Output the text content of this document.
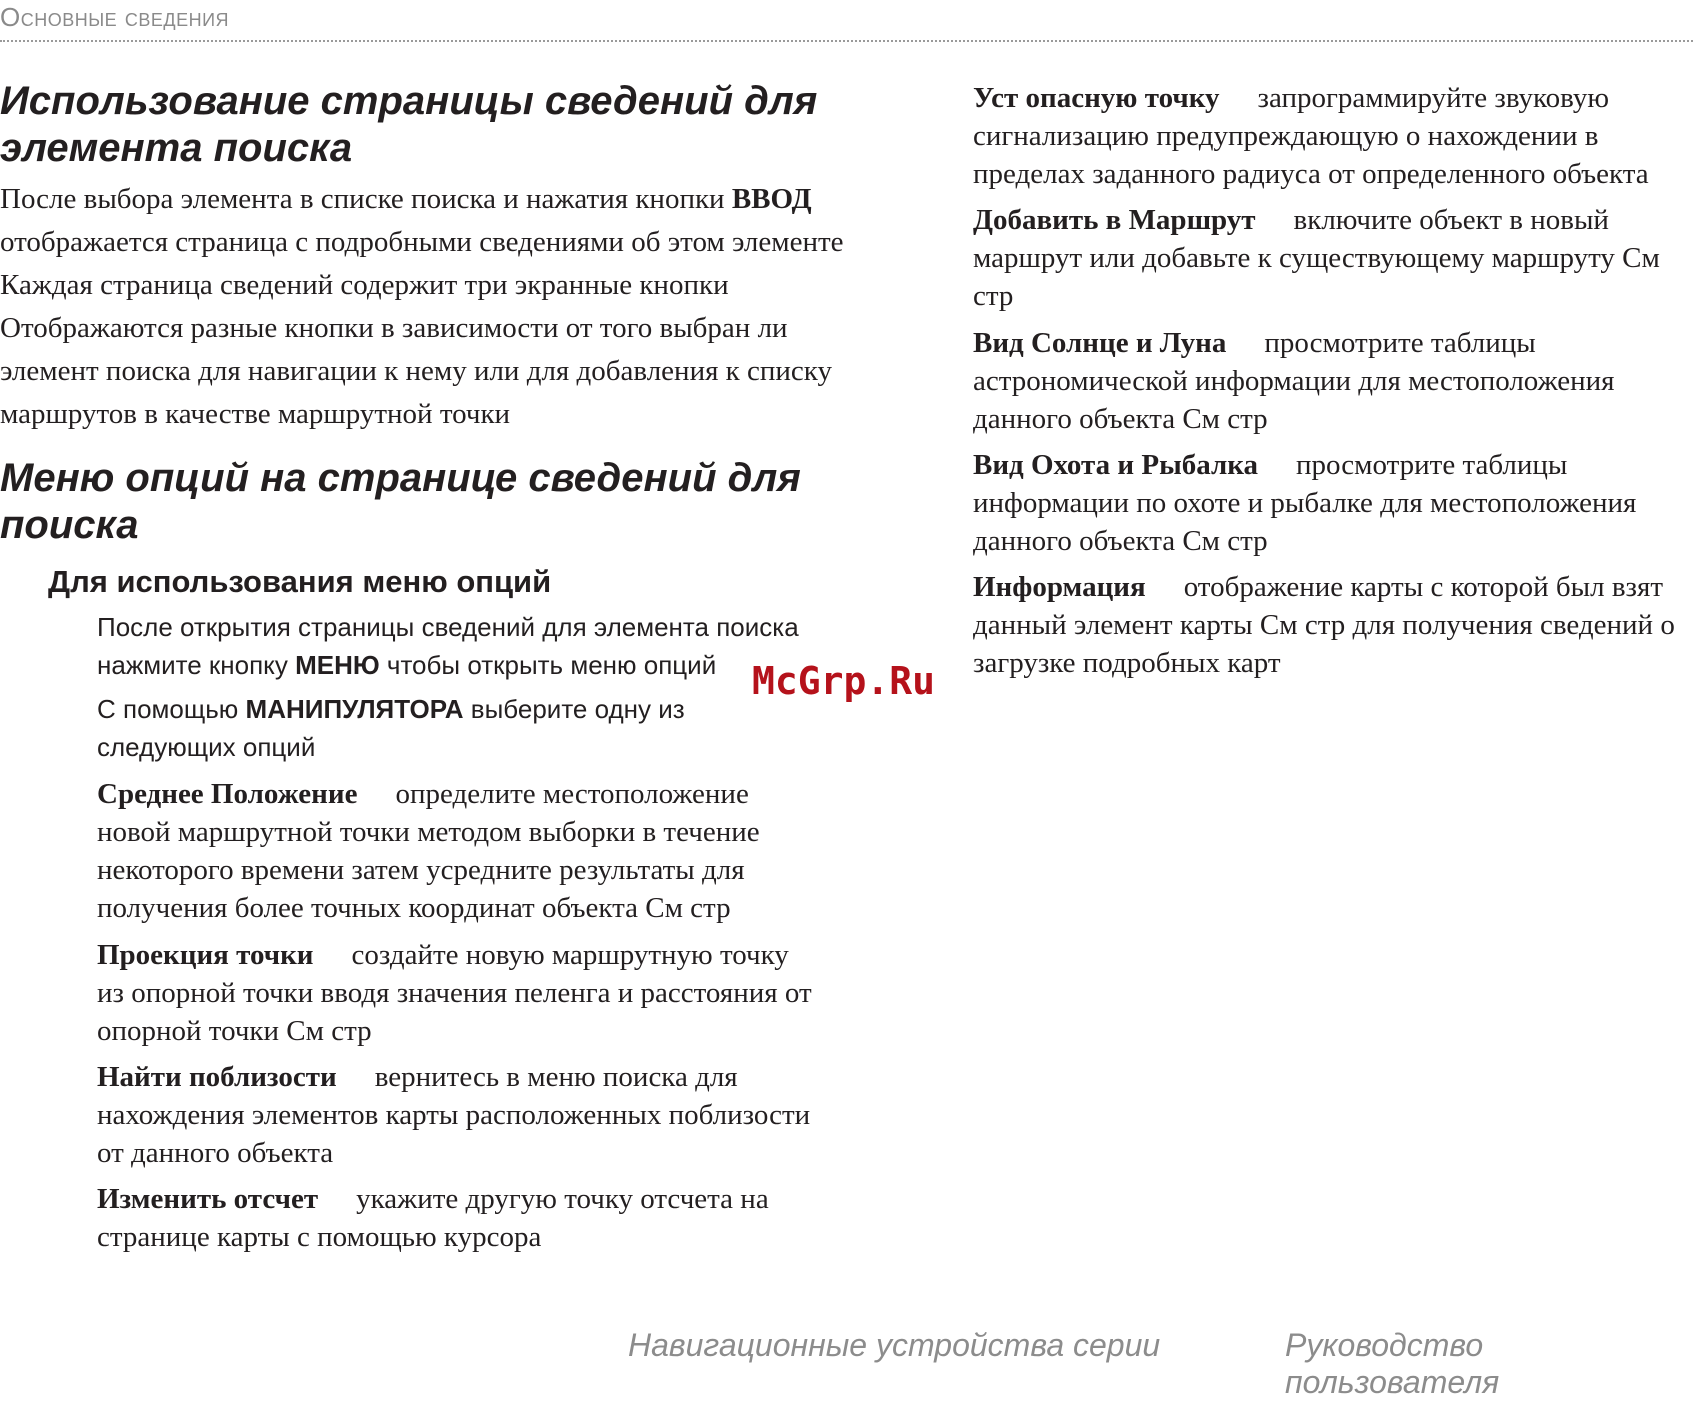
Основные сведения
Использование страницы сведений для элемента поиска

После выбора элемента в списке поиска и нажатия кнопки ВВОД отображается страница с подробными сведениями об этом элементе Каждая страница сведений содержит три экранные кнопки Отображаются разные кнопки в зависимости от того выбран ли элемент поиска для навигации к нему или для добавления к списку маршрутов в качестве маршрутной точки

Меню опций на странице сведений для поиска
Для использования меню опций

После открытия страницы сведений для элемента поиска нажмите кнопку МЕНЮ чтобы открыть меню опций

С помощью МАНИПУЛЯТОРА выберите одну из следующих опций

Среднее Положение определите местоположение новой маршрутной точки методом выборки в течение некоторого времени затем усредните результаты для получения более точных координат объекта См стр

Проекция точки создайте новую маршрутную точку из опорной точки вводя значения пеленга и расстояния от опорной точки См стр

Найти поблизости вернитесь в меню поиска для нахождения элементов карты расположенных поблизости от данного объекта

Изменить отсчет укажите другую точку отсчета на странице карты с помощью курсора

Уст опасную точку запрограммируйте звуковую сигнализацию предупреждающую о нахождении в пределах заданного радиуса от определенного объекта

Добавить в Маршрут включите объект в новый маршрут или добавьте к существующему маршруту См стр

Вид Солнце и Луна просмотрите таблицы астрономической информации для местоположения данного объекта См стр

Вид Охота и Рыбалка просмотрите таблицы информации по охоте и рыбалке для местоположения данного объекта См стр

Информация отображение карты с которой был взят данный элемент карты См стр для получения сведений о загрузке подробных карт

McGrp.Ru
Навигационные устройства серии	Руководство пользователя
